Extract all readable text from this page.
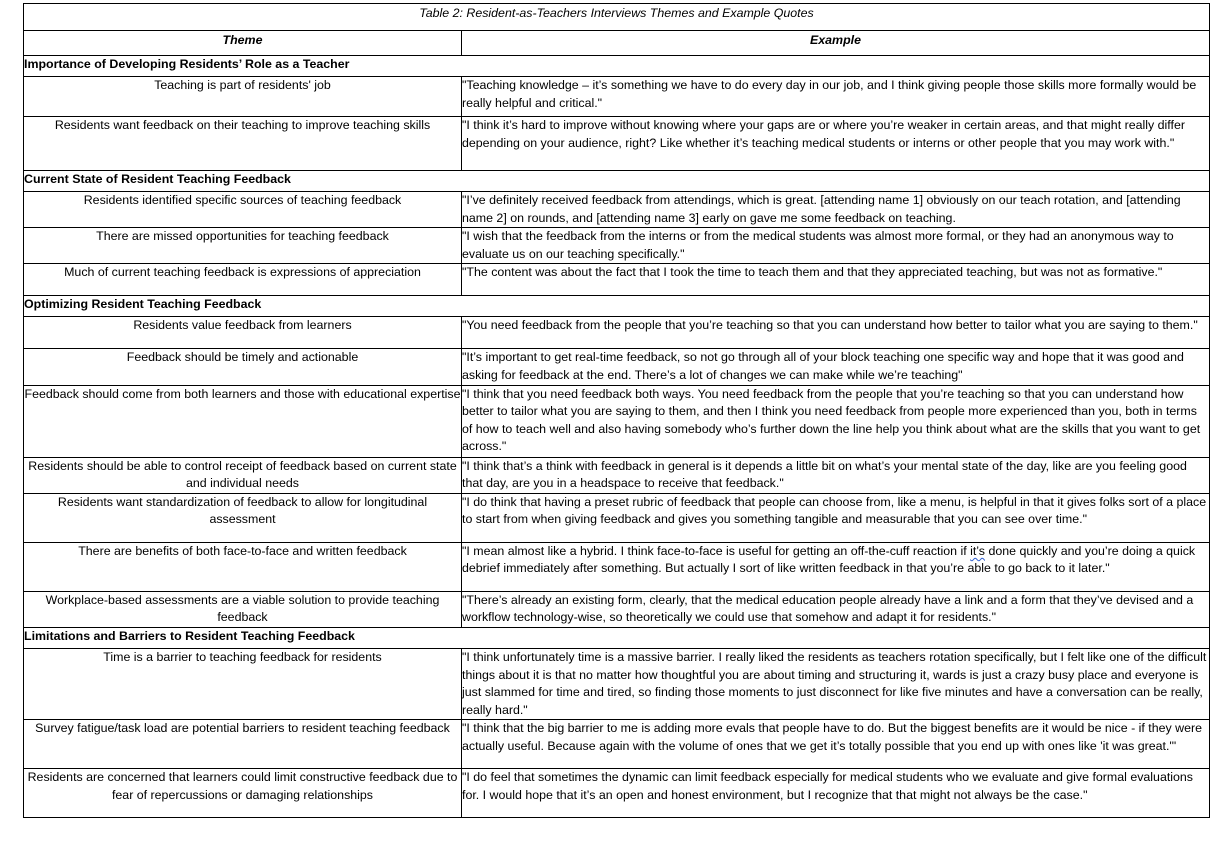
Table 2: Resident-as-Teachers Interviews Themes and Example Quotes	
Theme	Example
Importance of Developing Residents’ Role as a Teacher	
Teaching is part of residents' job	"Teaching knowledge – it’s something we have to do every day in our job, and I think giving people those skills more formally would be really helpful and critical."
Residents want feedback on their teaching to improve teaching skills	"I think it’s hard to improve without knowing where your gaps are or where you’re weaker in certain areas, and that might really differ depending on your audience, right? Like whether it’s teaching medical students or interns or other people that you may work with."
Current State of Resident Teaching Feedback	
Residents identified specific sources of teaching feedback	"I’ve definitely received feedback from attendings, which is great. [attending name 1] obviously on our teach rotation, and [attending name 2] on rounds, and [attending name 3] early on gave me some feedback on teaching.
There are missed opportunities for teaching feedback	"I wish that the feedback from the interns or from the medical students was almost more formal, or they had an anonymous way to evaluate us on our teaching specifically."
Much of current teaching feedback is expressions of appreciation	"The content was about the fact that I took the time to teach them and that they appreciated teaching, but was not as formative."
Optimizing Resident Teaching Feedback	
Residents value feedback from learners	"You need feedback from the people that you’re teaching so that you can understand how better to tailor what you are saying to them."
Feedback should be timely and actionable	"It’s important to get real-time feedback, so not go through all of your block teaching one specific way and hope that it was good and asking for feedback at the end. There’s a lot of changes we can make while we’re teaching"
Feedback should come from both learners and those with educational expertise	"I think that you need feedback both ways. You need feedback from the people that you’re teaching so that you can understand how better to tailor what you are saying to them, and then I think you need feedback from people more experienced than you, both in terms of how to teach well and also having somebody who’s further down the line help you think about what are the skills that you want to get across."
Residents should be able to control receipt of feedback based on current state and individual needs	"I think that’s a think with feedback in general is it depends a little bit on what’s your mental state of the day, like are you feeling good that day, are you in a headspace to receive that feedback."
Residents want standardization of feedback to allow for longitudinal assessment	"I do think that having a preset rubric of feedback that people can choose from, like a menu, is helpful in that it gives folks sort of a place to start from when giving feedback and gives you something tangible and measurable that you can see over time."
There are benefits of both face-to-face and written feedback	"I mean almost like a hybrid. I think face-to-face is useful for getting an off-the-cuff reaction if it’s done quickly and you’re doing a quick debrief immediately after something. But actually I sort of like written feedback in that you’re able to go back to it later."
Workplace-based assessments are a viable solution to provide teaching feedback	"There’s already an existing form, clearly, that the medical education people already have a link and a form that they’ve devised and a workflow technology-wise, so theoretically we could use that somehow and adapt it for residents."
Limitations and Barriers to Resident Teaching Feedback	
Time is a barrier to teaching feedback for residents	"I think unfortunately time is a massive barrier. I really liked the residents as teachers rotation specifically, but I felt like one of the difficult things about it is that no matter how thoughtful you are about timing and structuring it, wards is just a crazy busy place and everyone is just slammed for time and tired, so finding those moments to just disconnect for like five minutes and have a conversation can be really, really hard."
Survey fatigue/task load are potential barriers to resident teaching feedback	"I think that the big barrier to me is adding more evals that people have to do. But the biggest benefits are it would be nice - if they were actually useful. Because again with the volume of ones that we get it’s totally possible that you end up with ones like 'it was great.'"
Residents are concerned that learners could limit constructive feedback due to fear of repercussions or damaging relationships	"I do feel that sometimes the dynamic can limit feedback especially for medical students who we evaluate and give formal evaluations for. I would hope that it’s an open and honest environment, but I recognize that that might not always be the case."
